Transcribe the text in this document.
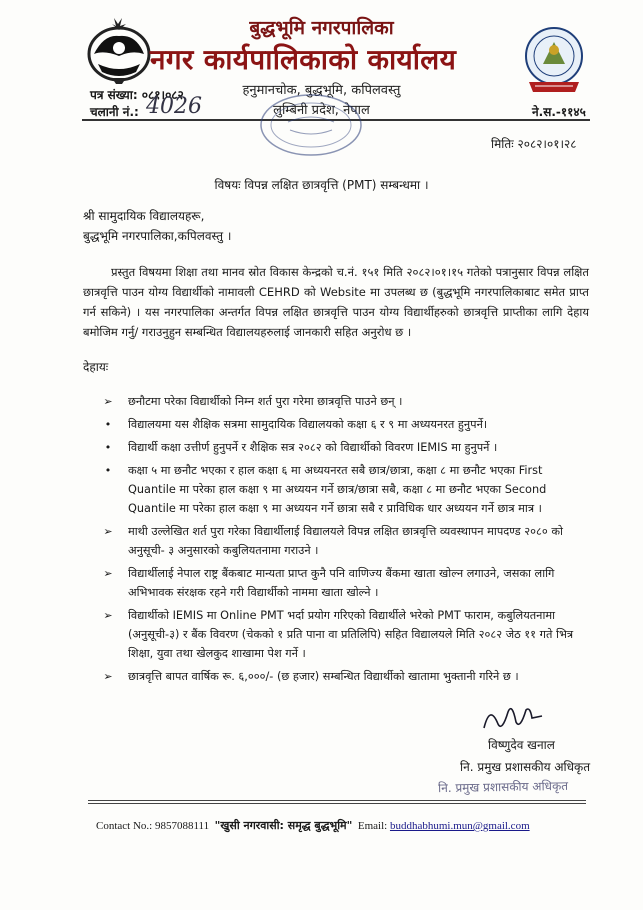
बुद्धभूमि नगरपालिका
नगर कार्यपालिकाको कार्यालय
हनुमानचोक, बुद्धभूमि, कपिलवस्तु
लुम्बिनी प्रदेश, नेपाल
पत्र संख्या: ०८१।०८२
चलानी नं.: 4026	ने.स.-११४५
मितिः २०८२।०१।२८
विषयः विपन्न लक्षित छात्रवृत्ति (PMT) सम्बन्धमा ।
श्री सामुदायिक विद्यालयहरू,
बुद्धभूमि नगरपालिका,कपिलवस्तु ।
प्रस्तुत विषयमा शिक्षा तथा मानव स्रोत विकास केन्द्रको च.नं. १५१ मिति २०८२।०१।१५ गतेको पत्रानुसार विपन्न लक्षित छात्रवृत्ति पाउन योग्य विद्यार्थीको नामावली CEHRD को Website मा उपलब्ध छ (बुद्धभूमि नगरपालिकाबाट समेत प्राप्त गर्न सकिने) । यस नगरपालिका अन्तर्गत विपन्न लक्षित छात्रवृत्ति पाउन योग्य विद्यार्थीहरुको छात्रवृत्ति प्राप्तीका लागि देहाय बमोजिम गर्नु/ गराउनुहुन सम्बन्धित विद्यालयहरुलाई जानकारी सहित अनुरोध छ ।
देहायः
➢	छनौटमा परेका विद्यार्थीको निम्न शर्त पुरा गरेमा छात्रवृत्ति पाउने छन् ।
•	विद्यालयमा यस शैक्षिक सत्रमा सामुदायिक विद्यालयको कक्षा ६ र ९ मा अध्ययनरत हुनुपर्ने।
•	विद्यार्थी कक्षा उत्तीर्ण हुनुपर्ने र शैक्षिक सत्र २०८२ को विद्यार्थीको विवरण IEMIS मा हुनुपर्ने ।
•	कक्षा ५ मा छनौट भएका र हाल कक्षा ६ मा अध्ययनरत सबै छात्र/छात्रा, कक्षा ८ मा छनौट भएका First Quantile मा परेका हाल कक्षा ९ मा अध्ययन गर्ने छात्र/छात्रा सबै, कक्षा ८ मा छनौट भएका Second Quantile मा परेका हाल कक्षा ९ मा अध्ययन गर्ने छात्रा सबै र प्राविधिक धार अध्ययन गर्ने छात्र मात्र ।
➢	माथी उल्लेखित शर्त पुरा गरेका विद्यार्थीलाई विद्यालयले विपन्न लक्षित छात्रवृत्ति व्यवस्थापन मापदण्ड २०८० को अनुसूची- ३ अनुसारको कबुलियतनामा गराउने ।
➢	विद्यार्थीलाई नेपाल राष्ट्र बैंकबाट मान्यता प्राप्त कुनै पनि वाणिज्य बैंकमा खाता खोल्न लगाउने, जसका लागि अभिभावक संरक्षक रहने गरी विद्यार्थीको नाममा खाता खोल्ने ।
➢	विद्यार्थीको IEMIS मा Online PMT भर्दा प्रयोग गरिएको विद्यार्थीले भरेको PMT फाराम, कबुलियतनामा (अनुसूची-३) र बैंक विवरण (चेकको १ प्रति पाना वा प्रतिलिपि) सहित विद्यालयले मिति २०८२ जेठ ११ गते भित्र शिक्षा, युवा तथा खेलकुद शाखामा पेश गर्ने ।
➢	छात्रवृत्ति बापत वार्षिक रू. ६,०००/- (छ हजार) सम्बन्धित विद्यार्थीको खातामा भुक्तानी गरिने छ ।
विष्णुदेव खनाल
नि. प्रमुख प्रशासकीय अधिकृत
नि. प्रमुख प्रशासकीय अधिकृत
Contact No.: 9857088111 "खुसी नगरवासी: समृद्ध बुद्धभूमि" Email: buddhabhumi.mun@gmail.com
